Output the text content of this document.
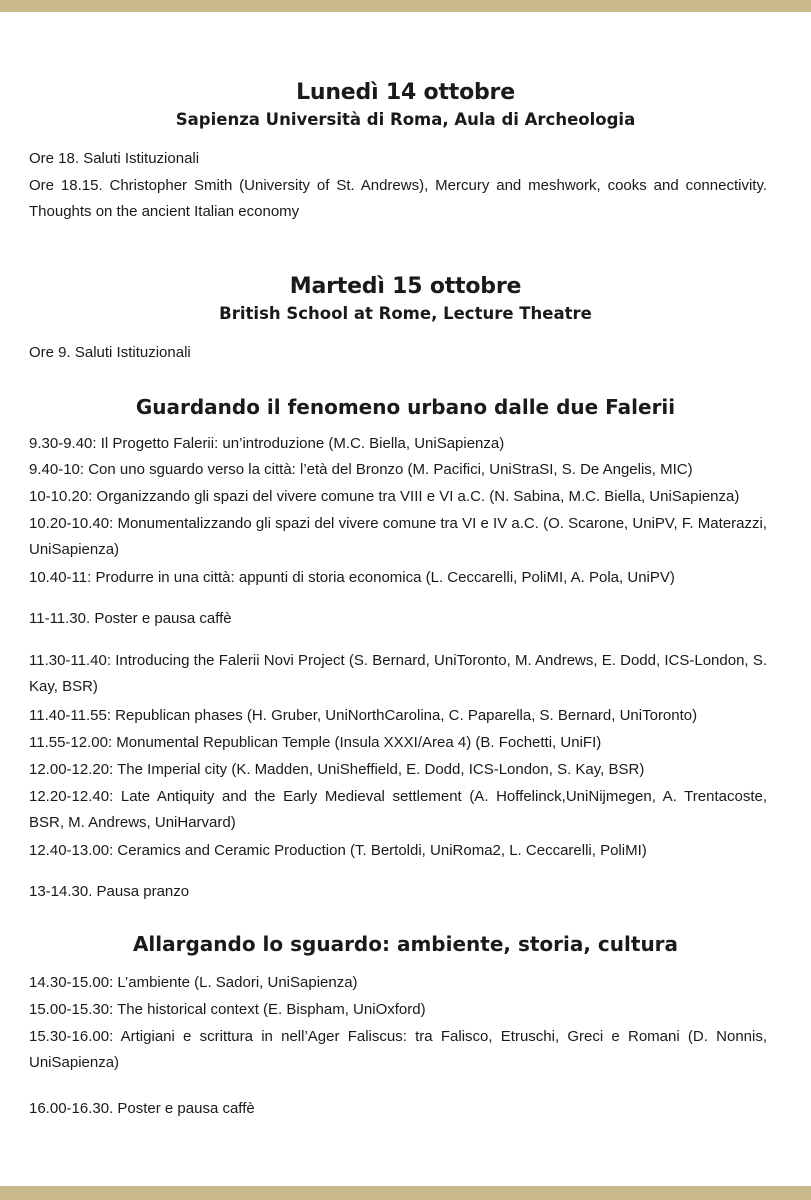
Lunedì 14 ottobre
Sapienza Università di Roma, Aula di Archeologia
Ore 18. Saluti Istituzionali

Ore 18.15. Christopher Smith (University of St. Andrews), Mercury and meshwork, cooks and connectivity. Thoughts on the ancient Italian economy

Martedì 15 ottobre
British School at Rome, Lecture Theatre
Ore 9. Saluti Istituzionali
Guardando il fenomeno urbano dalle due Falerii
9.30-9.40: Il Progetto Falerii: un’introduzione (M.C. Biella, UniSapienza)
9.40-10: Con uno sguardo verso la città: l’età del Bronzo (M. Pacifici, UniStraSI, S. De Angelis, MIC)
10-10.20: Organizzando gli spazi del vivere comune tra VIII e VI a.C. (N. Sabina, M.C. Biella, UniSapienza)

10.20-10.40: Monumentalizzando gli spazi del vivere comune tra VI e IV a.C. (O. Scarone, UniPV, F. Materazzi, UniSapienza)

10.40-11: Produrre in una città: appunti di storia economica (L. Ceccarelli, PoliMI, A. Pola, UniPV)
11-11.30. Poster e pausa caffè

11.30-11.40: Introducing the Falerii Novi Project (S. Bernard, UniToronto, M. Andrews, E. Dodd, ICS-London, S. Kay, BSR)

11.40-11.55: Republican phases (H. Gruber, UniNorthCarolina, C. Paparella, S. Bernard, UniToronto)
11.55-12.00: Monumental Republican Temple (Insula XXXI/Area 4) (B. Fochetti, UniFI)
12.00-12.20: The Imperial city (K. Madden, UniSheffield, E. Dodd, ICS-London, S. Kay, BSR)

12.20-12.40: Late Antiquity and the Early Medieval settlement (A. Hoffelinck,UniNijmegen, A. Trentacoste, BSR, M. Andrews, UniHarvard)

12.40-13.00: Ceramics and Ceramic Production (T. Bertoldi, UniRoma2, L. Ceccarelli, PoliMI)
13-14.30. Pausa pranzo
Allargando lo sguardo: ambiente, storia, cultura
14.30-15.00: L’ambiente (L. Sadori, UniSapienza)
15.00-15.30: The historical context (E. Bispham, UniOxford)

15.30-16.00: Artigiani e scrittura in nell’Ager Faliscus: tra Falisco, Etruschi, Greci e Romani (D. Nonnis, UniSapienza)

16.00-16.30. Poster e pausa caffè
